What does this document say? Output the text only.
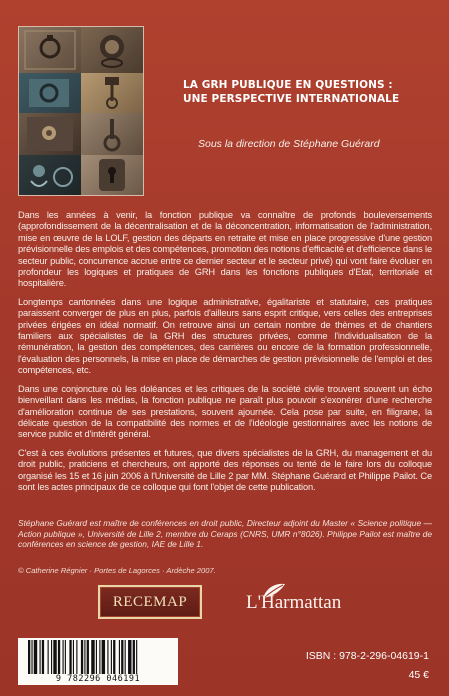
LA GRH PUBLIQUE EN QUESTIONS :
UNE PERSPECTIVE INTERNATIONALE

Sous la direction de Stéphane Guérard

Dans les années à venir, la fonction publique va connaître de profonds bouleversements (approfondissement de la décentralisation et de la déconcentration, informatisation de l'administration, mise en œuvre de la LOLF, gestion des départs en retraite et mise en place progressive d'une gestion prévisionnelle des emplois et des compétences, promotion des notions d'efficacité et d'efficience dans le secteur public, concurrence accrue entre ce dernier secteur et le secteur privé) qui vont faire évoluer en profondeur les logiques et pratiques de GRH dans les fonctions publiques d'Etat, territoriale et hospitalière.

Longtemps cantonnées dans une logique administrative, égalitariste et statutaire, ces pratiques paraissent converger de plus en plus, parfois d'ailleurs sans esprit critique, vers celles des entreprises privées érigées en idéal normatif. On retrouve ainsi un certain nombre de thèmes et de chantiers familiers aux spécialistes de la GRH des structures privées, comme l'individualisation de la rémunération, la gestion des compétences, des carrières ou encore de la formation professionnelle, l'évaluation des personnels, la mise en place de démarches de gestion prévisionnelle de l'emploi et des compétences, etc.

Dans une conjoncture où les doléances et les critiques de la société civile trouvent souvent un écho bienveillant dans les médias, la fonction publique ne paraît plus pouvoir s'exonérer d'une recherche d'amélioration continue de ses prestations, souvent ajournée. Cela pose par suite, en filigrane, la délicate question de la compatibilité des normes et de l'idéologie gestionnaires avec les notions de service public et d'intérêt général.

C'est à ces évolutions présentes et futures, que divers spécialistes de la GRH, du management et du droit public, praticiens et chercheurs, ont apporté des réponses ou tenté de le faire lors du colloque organisé les 15 et 16 juin 2006 à l'Université de Lille 2 par MM. Stéphane Guérard et Philippe Pailot. Ce sont les actes principaux de ce colloque qui font l'objet de cette publication.

Stéphane Guérard est maître de conférences en droit public, Directeur adjoint du Master « Science politique — Action publique », Université de Lille 2, membre du Ceraps (CNRS, UMR n°8026). Philippe Pailot est maître de conférences en science de gestion, IAE de Lille 1.

© Catherine Régnier · Portes de Lagorces · Ardèche 2007.

RECEMAP	L'Harmattan
9 782296 046191

ISBN : 978-2-296-04619-1

45 €
